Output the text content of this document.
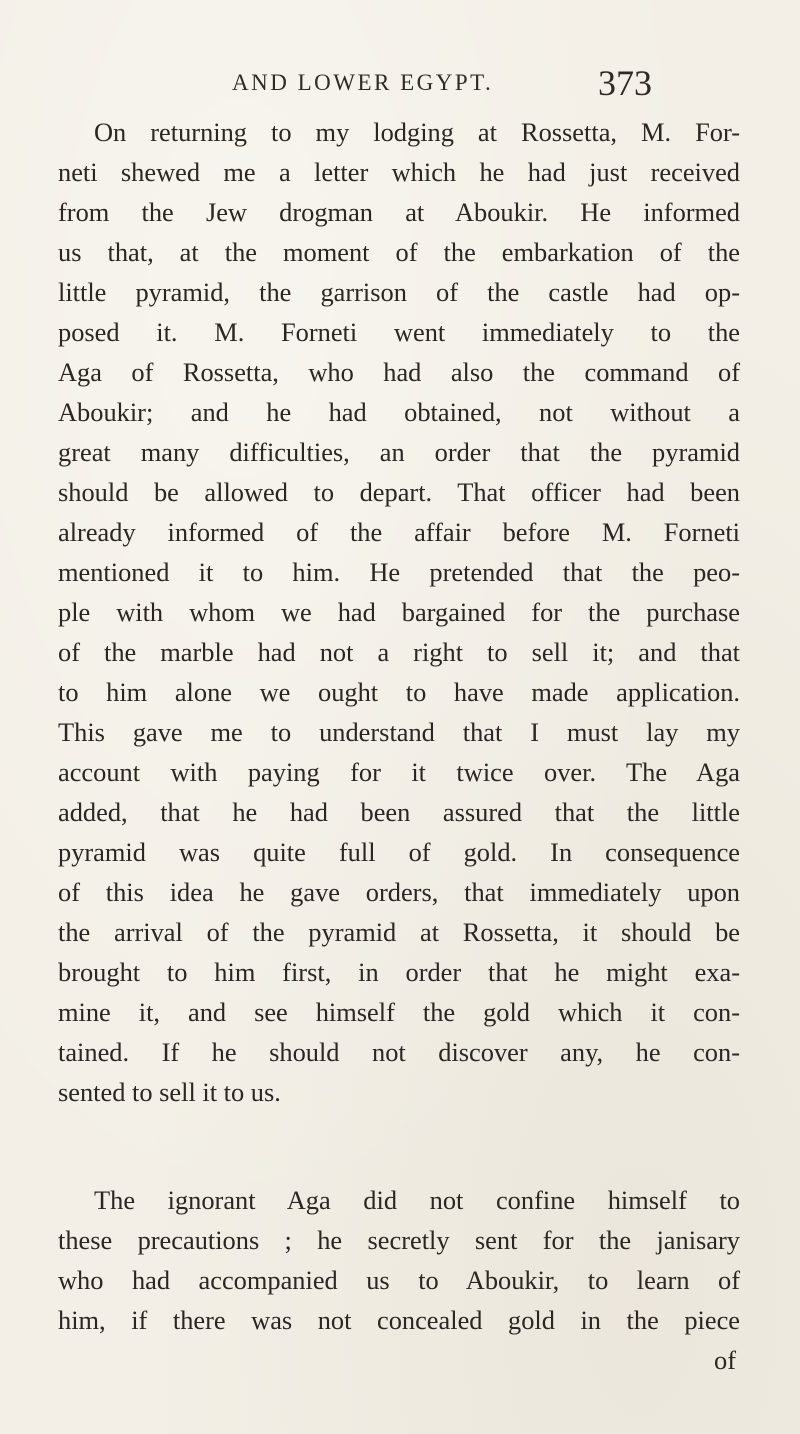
AND LOWER EGYPT.	373
On returning to my lodging at Rossetta, M. For-
neti shewed me a letter which he had just received
from the Jew drogman at Aboukir. He informed
us that, at the moment of the embarkation of the
little pyramid, the garrison of the castle had op-
posed it. M. Forneti went immediately to the
Aga of Rossetta, who had also the command of
Aboukir; and he had obtained, not without a
great many difficulties, an order that the pyramid
should be allowed to depart. That officer had been
already informed of the affair before M. Forneti
mentioned it to him. He pretended that the peo-
ple with whom we had bargained for the purchase
of the marble had not a right to sell it; and that
to him alone we ought to have made application.
This gave me to understand that I must lay my
account with paying for it twice over. The Aga
added, that he had been assured that the little
pyramid was quite full of gold. In consequence
of this idea he gave orders, that immediately upon
the arrival of the pyramid at Rossetta, it should be
brought to him first, in order that he might exa-
mine it, and see himself the gold which it con-
tained. If he should not discover any, he con-
sented to sell it to us.
The ignorant Aga did not confine himself to
these precautions ; he secretly sent for the janisary
who had accompanied us to Aboukir, to learn of
him, if there was not concealed gold in the piece
of
